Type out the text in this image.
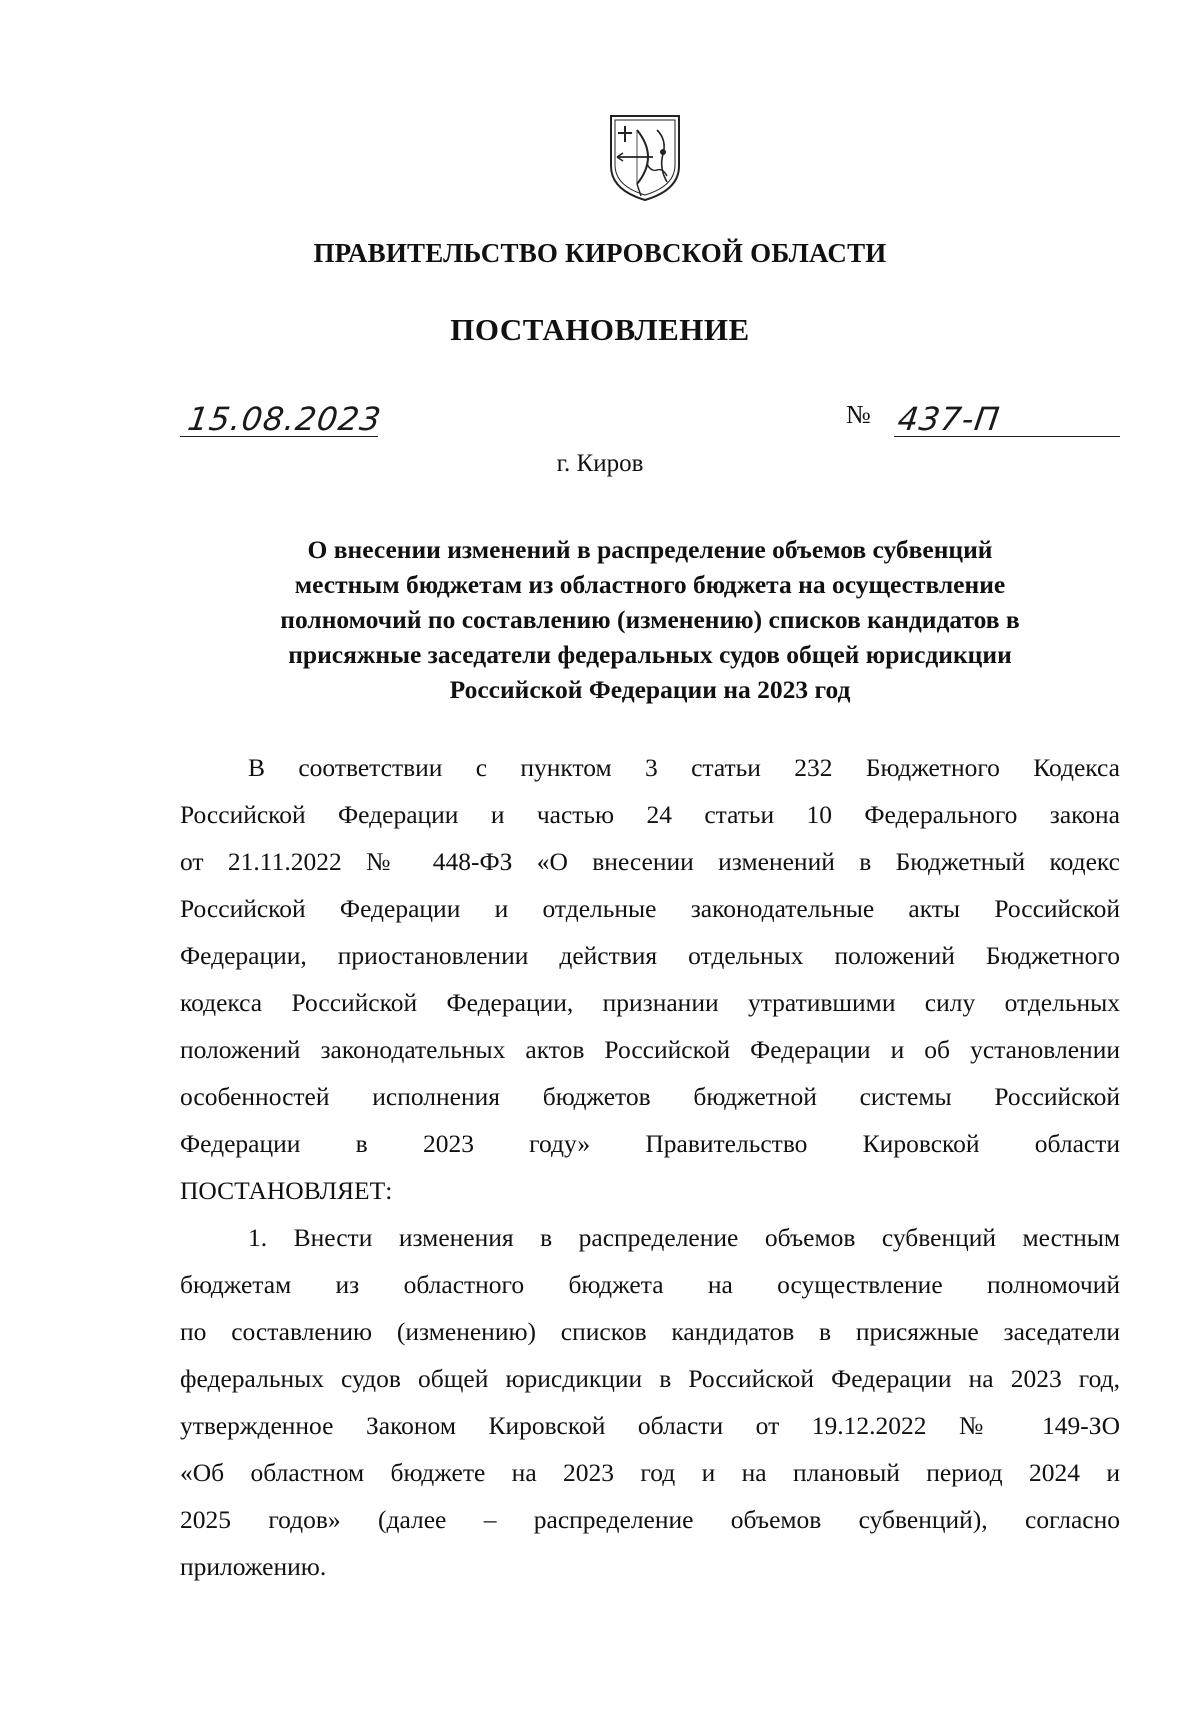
ПРАВИТЕЛЬСТВО КИРОВСКОЙ ОБЛАСТИ
ПОСТАНОВЛЕНИЕ
15.08.2023	№ 437-П
г. Киров
О внесении изменений в распределение объемов субвенций
местным бюджетам из областного бюджета на осуществление
полномочий по составлению (изменению) списков кандидатов в
присяжные заседатели федеральных судов общей юрисдикции
Российской Федерации на 2023 год
В соответствии с пунктом 3 статьи 232 Бюджетного Кодекса
Российской Федерации и частью 24 статьи 10 Федерального закона
от 21.11.2022 № 448-ФЗ «О внесении изменений в Бюджетный кодекс
Российской Федерации и отдельные законодательные акты Российской
Федерации, приостановлении действия отдельных положений Бюджетного
кодекса Российской Федерации, признании утратившими силу отдельных
положений законодательных актов Российской Федерации и об установлении
особенностей исполнения бюджетов бюджетной системы Российской
Федерации в 2023 году» Правительство Кировской области
ПОСТАНОВЛЯЕТ:
1. Внести изменения в распределение объемов субвенций местным
бюджетам из областного бюджета на осуществление полномочий
по составлению (изменению) списков кандидатов в присяжные заседатели
федеральных судов общей юрисдикции в Российской Федерации на 2023 год,
утвержденное Законом Кировской области от 19.12.2022 № 149-ЗО
«Об областном бюджете на 2023 год и на плановый период 2024 и
2025 годов» (далее – распределение объемов субвенций), согласно
приложению.
